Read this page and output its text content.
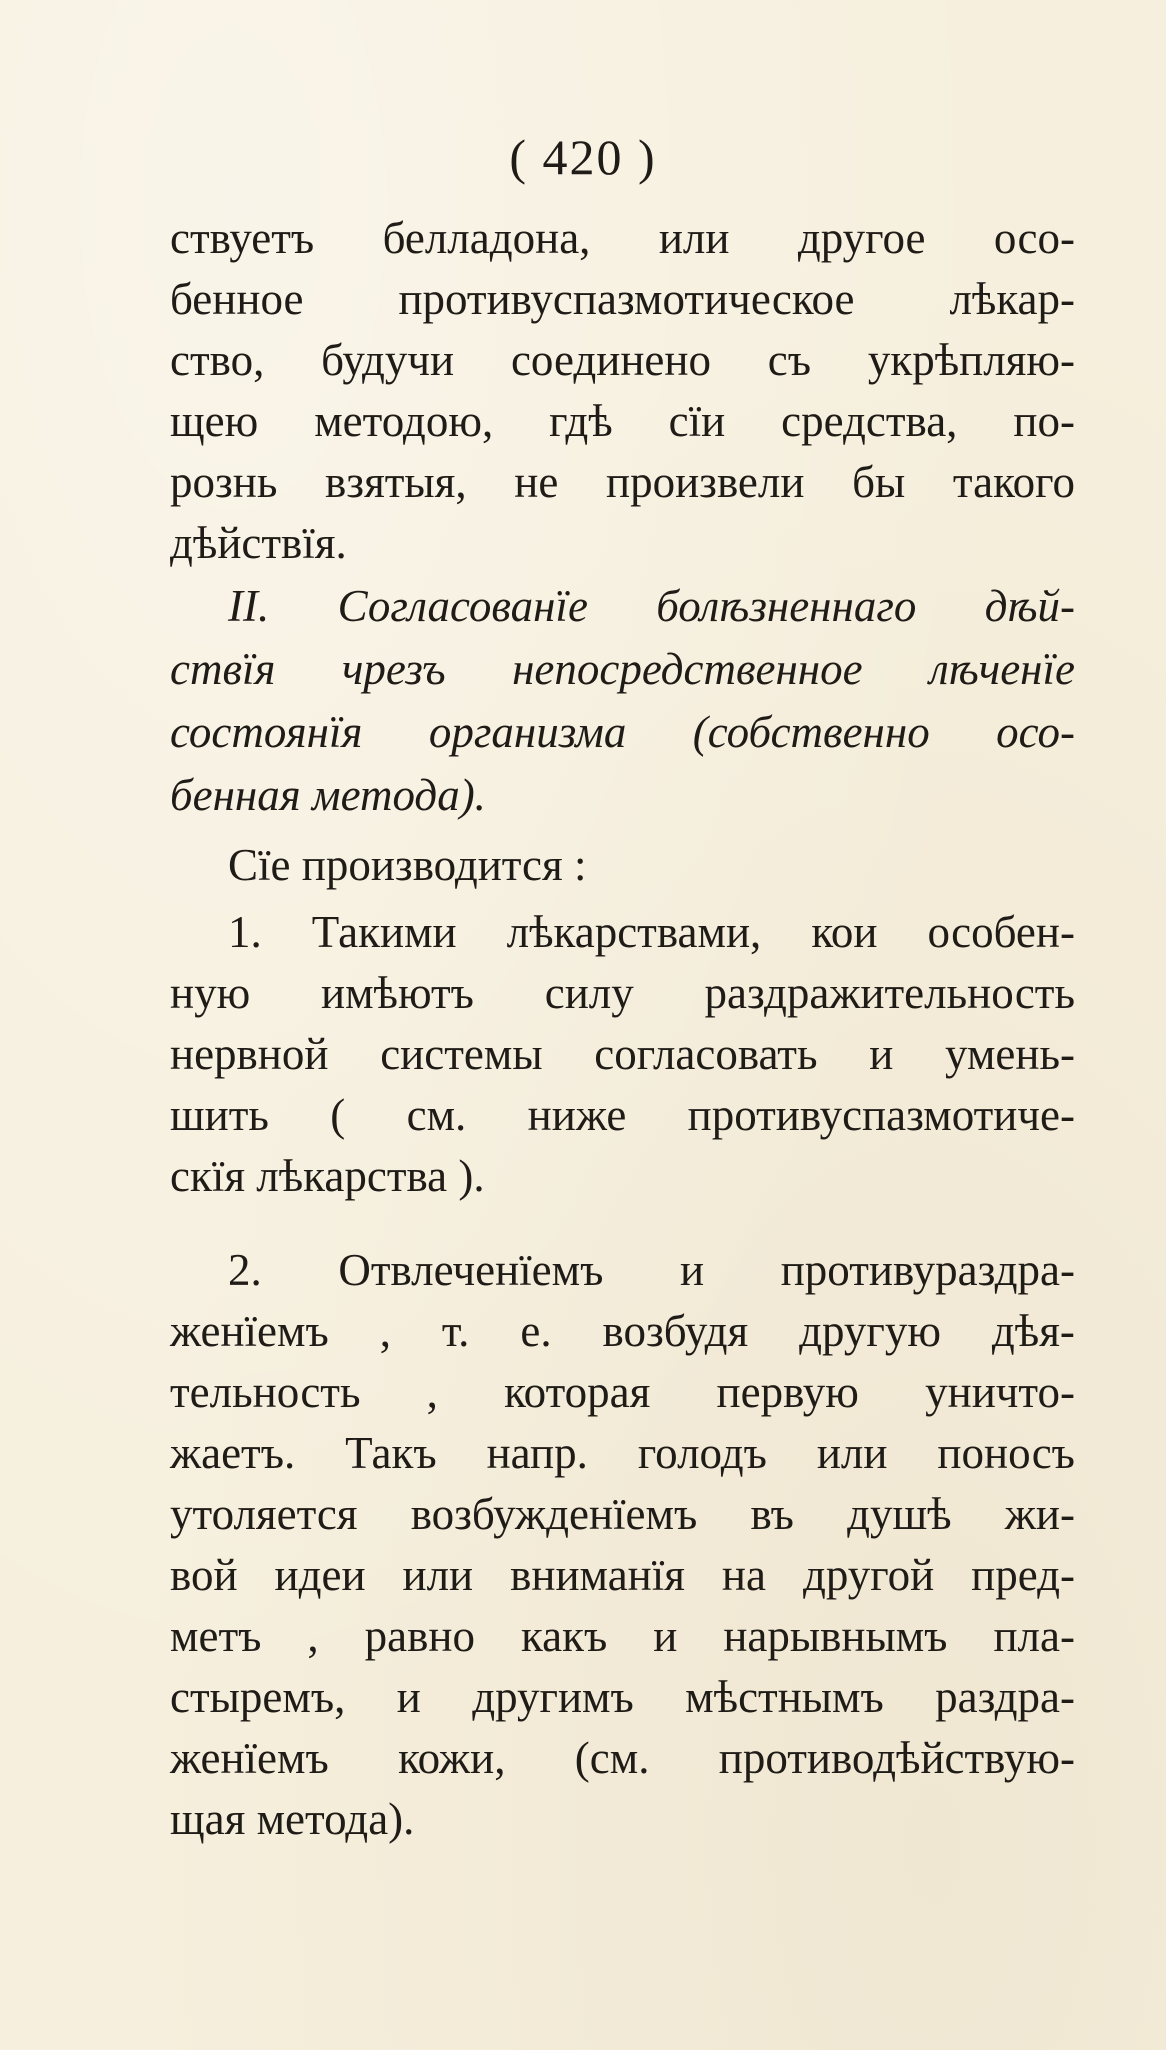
( 420 )
ствуетъ белладона, или другое осо-
бенное противуспазмотическое лѣкар-
ство, будучи соединено съ укрѣпляю-
щею методою, гдѣ сїи средства, по-
рознь взятыя, не произвели бы такого
дѣйствїя.
II. Согласованїе болѣзненнаго дѣй-
ствїя чрезъ непосредственное лѣченїе
состоянїя организма (собственно осо-
бенная
метода).
Сїе
производится
:
1. Такими лѣкарствами, кои особен-
ную имѣютъ силу раздражительность
нервной системы согласовать и умень-
шить ( см. ниже противуспазмотиче-
скїя
лѣкарства
).
2. Отвлеченїемъ и противураздра-
женїемъ , т. е. возбудя другую дѣя-
тельность , которая первую уничто-
жаетъ. Такъ напр. голодъ или поносъ
утоляется возбужденїемъ въ душѣ жи-
вой идеи или вниманїя на другой пред-
метъ , равно какъ и нарывнымъ пла-
стыремъ, и другимъ мѣстнымъ раздра-
женїемъ кожи, (см. противодѣйствую-
щая
метода).
